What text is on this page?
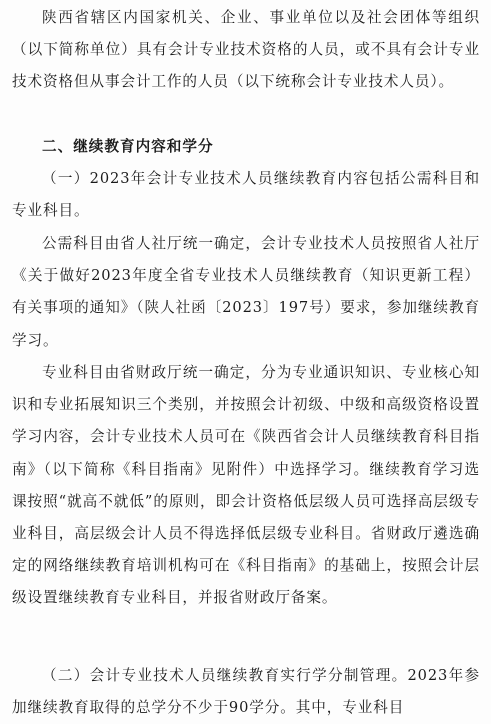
陕西省辖区内国家机关、企业、事业单位以及社会团体等组织（以下简称单位）具有会计专业技术资格的人员，或不具有会计专业技术资格但从事会计工作的人员（以下统称会计专业技术人员）。

二、继续教育内容和学分

（一）2023年会计专业技术人员继续教育内容包括公需科目和专业科目。

公需科目由省人社厅统一确定，会计专业技术人员按照省人社厅《关于做好2023年度全省专业技术人员继续教育（知识更新工程）有关事项的通知》（陕人社函〔2023〕197号）要求，参加继续教育学习。

专业科目由省财政厅统一确定，分为专业通识知识、专业核心知识和专业拓展知识三个类别，并按照会计初级、中级和高级资格设置学习内容，会计专业技术人员可在《陕西省会计人员继续教育科目指南》（以下简称《科目指南》见附件）中选择学习。继续教育学习选课按照“就高不就低”的原则，即会计资格低层级人员可选择高层级专业科目，高层级会计人员不得选择低层级专业科目。省财政厅遴选确定的网络继续教育培训机构可在《科目指南》的基础上，按照会计层级设置继续教育专业科目，并报省财政厅备案。

（二）会计专业技术人员继续教育实行学分制管理。2023年参加继续教育取得的总学分不少于90学分。其中，专业科目
